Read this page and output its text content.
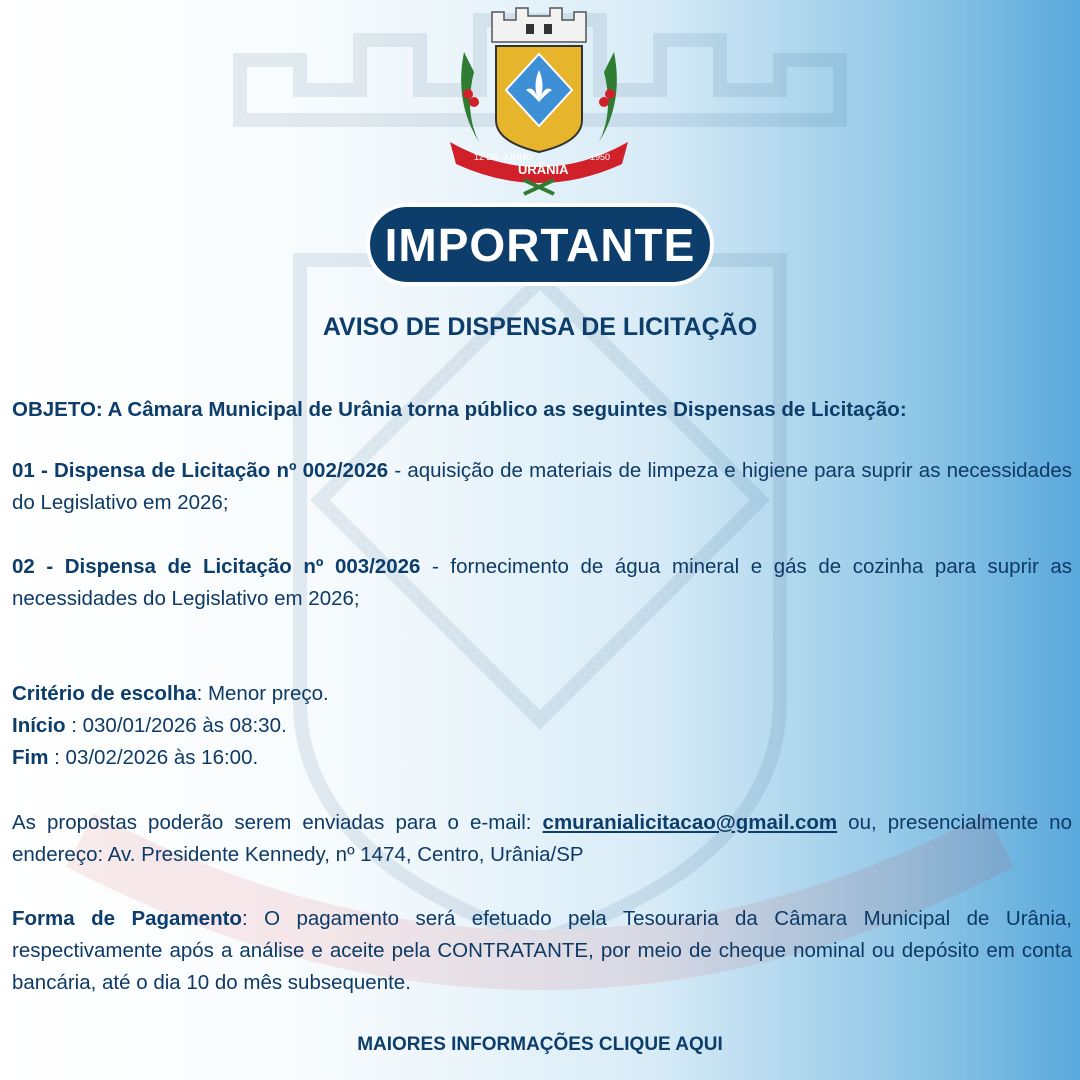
12 DE JUNHO
URÂNIA
1950
IMPORTANTE
AVISO DE DISPENSA DE LICITAÇÃO
OBJETO: A Câmara Municipal de Urânia torna público as seguintes Dispensas de Licitação:
01 - Dispensa de Licitação nº 002/2026 - aquisição de materiais de limpeza e higiene para suprir as necessidades do Legislativo em 2026;
02 - Dispensa de Licitação nº 003/2026 - fornecimento de água mineral e gás de cozinha para suprir as necessidades do Legislativo em 2026;
Critério de escolha: Menor preço.
Início : 030/01/2026 às 08:30.
Fim : 03/02/2026 às 16:00.
As propostas poderão serem enviadas para o e-mail: cmuranialicitacao@gmail.com ou, presencialmente no endereço: Av. Presidente Kennedy, nº 1474, Centro, Urânia/SP
Forma de Pagamento: O pagamento será efetuado pela Tesouraria da Câmara Municipal de Urânia, respectivamente após a análise e aceite pela CONTRATANTE, por meio de cheque nominal ou depósito em conta bancária, até o dia 10 do mês subsequente.
MAIORES INFORMAÇÕES CLIQUE AQUI
